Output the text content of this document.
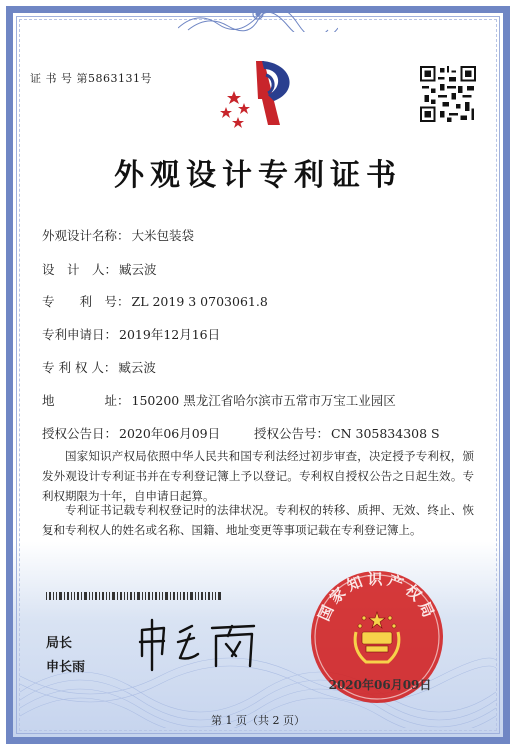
证 书 号 第5863131号
外观设计专利证书
外观设计名称： 大米包装袋
设　计　人： 臧云波
专　　利　号： ZL 2019 3 0703061.8
专利申请日： 2019年12月16日
专 利 权 人： 臧云波
地　　　　址： 150200 黑龙江省哈尔滨市五常市万宝工业园区
授权公告日： 2020年06月09日	授权公告号： CN 305834308 S
国家知识产权局依照中华人民共和国专利法经过初步审查，决定授予专利权，颁发外观设计专利证书并在专利登记簿上予以登记。专利权自授权公告之日起生效。专利权期限为十年，自申请日起算。
专利证书记载专利权登记时的法律状况。专利权的转移、质押、无效、终止、恢复和专利权人的姓名或名称、国籍、地址变更等事项记载在专利登记簿上。
局长
申长雨
国家知识产权局
2020年06月09日
第 1 页（共 2 页）
